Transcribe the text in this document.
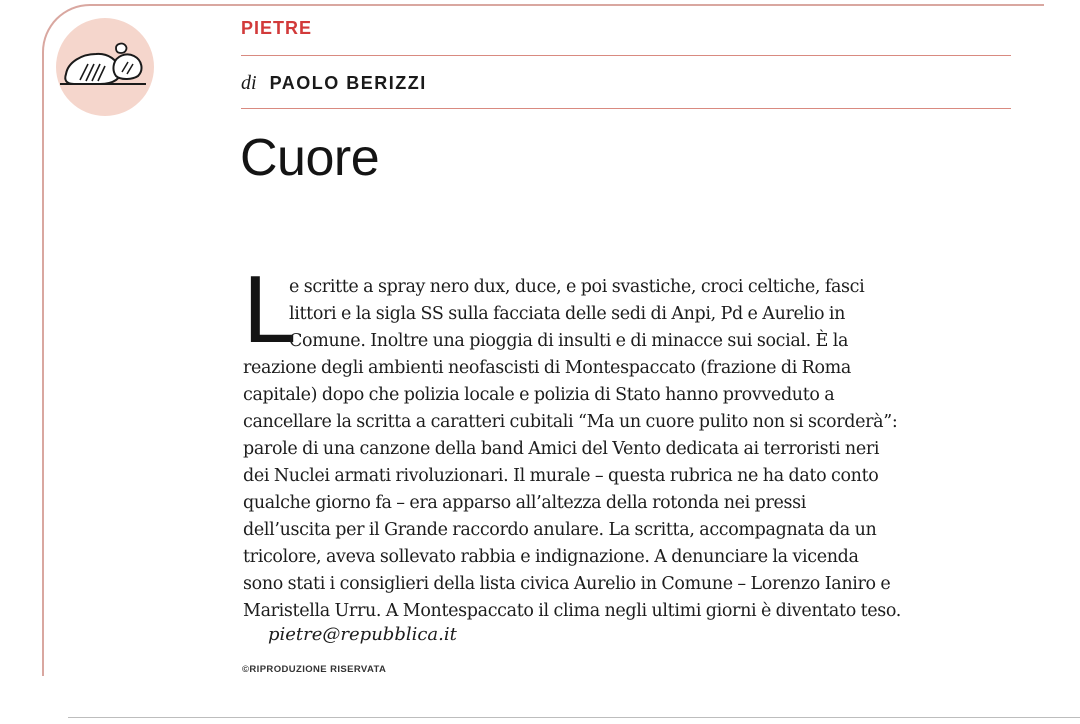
PIETRE
di PAOLO BERIZZI
Cuore
L
e scritte a spray nero dux, duce, e poi svastiche, croci celtiche, fasci
littori e la sigla SS sulla facciata delle sedi di Anpi, Pd e Aurelio in
Comune. Inoltre una pioggia di insulti e di minacce sui social. È la
reazione degli ambienti neofascisti di Montespaccato (frazione di Roma
capitale) dopo che polizia locale e polizia di Stato hanno provveduto a
cancellare la scritta a caratteri cubitali “Ma un cuore pulito non si scorderà”:
parole di una canzone della band Amici del Vento dedicata ai terroristi neri
dei Nuclei armati rivoluzionari. Il murale – questa rubrica ne ha dato conto
qualche giorno fa – era apparso all’altezza della rotonda nei pressi
dell’uscita per il Grande raccordo anulare. La scritta, accompagnata da un
tricolore, aveva sollevato rabbia e indignazione. A denunciare la vicenda
sono stati i consiglieri della lista civica Aurelio in Comune – Lorenzo Ianiro e
Maristella Urru. A Montespaccato il clima negli ultimi giorni è diventato teso.
pietre@repubblica.it
©RIPRODUZIONE RISERVATA
